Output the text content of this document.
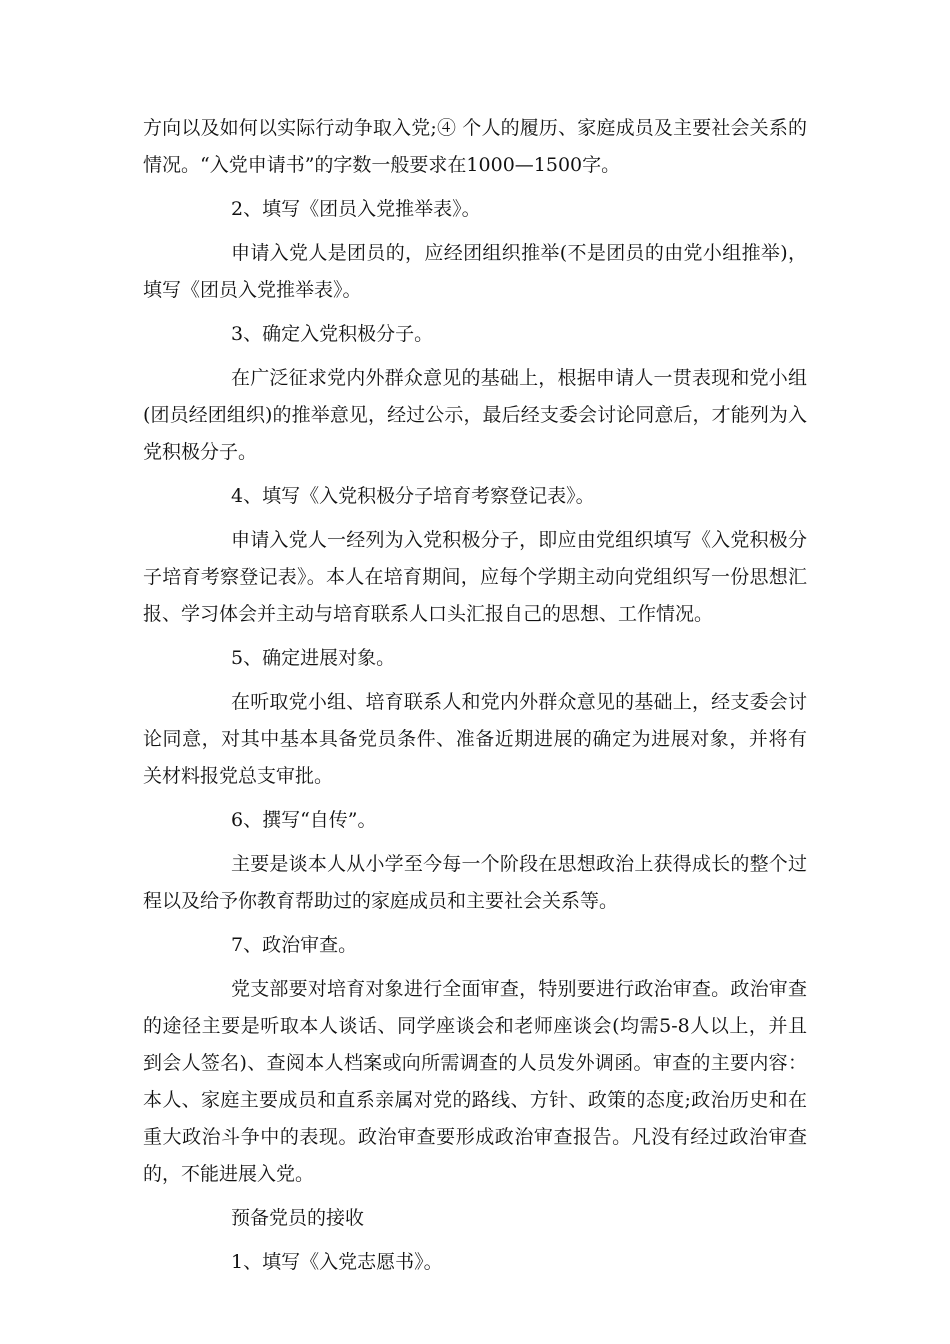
方向以及如何以实际行动争取入党;④ 个人的履历、家庭成员及主要社会关系的情况。“入党申请书”的字数一般要求在1000—1500字。

2、填写《团员入党推举表》。

申请入党人是团员的，应经团组织推举(不是团员的由党小组推举)，填写《团员入党推举表》。

3、确定入党积极分子。

在广泛征求党内外群众意见的基础上，根据申请人一贯表现和党小组(团员经团组织)的推举意见，经过公示，最后经支委会讨论同意后，才能列为入党积极分子。

4、填写《入党积极分子培育考察登记表》。

申请入党人一经列为入党积极分子，即应由党组织填写《入党积极分子培育考察登记表》。本人在培育期间，应每个学期主动向党组织写一份思想汇报、学习体会并主动与培育联系人口头汇报自己的思想、工作情况。

5、确定进展对象。

在听取党小组、培育联系人和党内外群众意见的基础上，经支委会讨论同意，对其中基本具备党员条件、准备近期进展的确定为进展对象，并将有关材料报党总支审批。

6、撰写“自传”。

主要是谈本人从小学至今每一个阶段在思想政治上获得成长的整个过程以及给予你教育帮助过的家庭成员和主要社会关系等。

7、政治审查。

党支部要对培育对象进行全面审查，特别要进行政治审查。政治审查的途径主要是听取本人谈话、同学座谈会和老师座谈会(均需5-8人以上，并且到会人签名)、查阅本人档案或向所需调查的人员发外调函。审查的主要内容：本人、家庭主要成员和直系亲属对党的路线、方针、政策的态度;政治历史和在重大政治斗争中的表现。政治审查要形成政治审查报告。凡没有经过政治审查的，不能进展入党。

预备党员的接收

1、填写《入党志愿书》。
